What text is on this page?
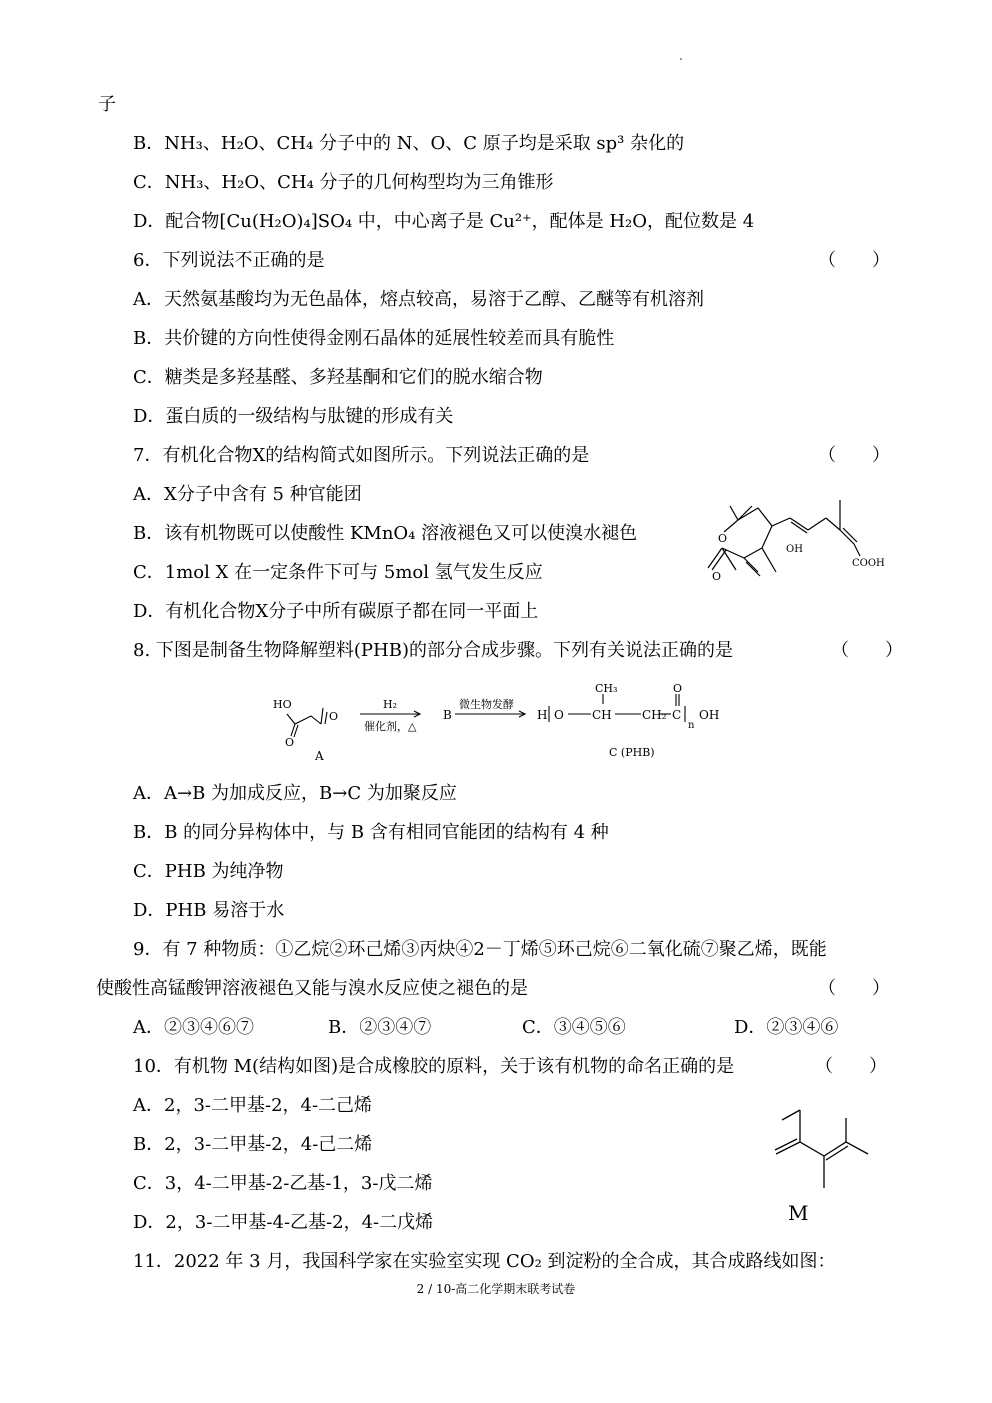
子
B．NH₃、H₂O、CH₄ 分子中的 N、O、C 原子均是采取 sp³ 杂化的
C．NH₃、H₂O、CH₄ 分子的几何构型均为三角锥形
D．配合物[Cu(H₂O)₄]SO₄ 中，中心离子是 Cu²⁺，配体是 H₂O，配位数是 4
6．下列说法不正确的是	（　　）
A．天然氨基酸均为无色晶体，熔点较高，易溶于乙醇、乙醚等有机溶剂
B．共价键的方向性使得金刚石晶体的延展性较差而具有脆性
C．糖类是多羟基醛、多羟基酮和它们的脱水缩合物
D．蛋白质的一级结构与肽键的形成有关
7．有机化合物X的结构简式如图所示。下列说法正确的是	（　　）
A．X分子中含有 5 种官能团
B．该有机物既可以使酸性 KMnO₄ 溶液褪色又可以使溴水褪色
C．1mol X 在一定条件下可与 5mol 氢气发生反应
D．有机化合物X分子中所有碳原子都在同一平面上
O
O
OH
COOH
8. 下图是制备生物降解塑料(PHB)的部分合成步骤。下列有关说法正确的是	（　　）
HO
O
O
A
H₂
催化剂，△
B
微生物发酵
H O CH
CH₃
CH₂ C
O
n
OH
C (PHB)
A．A→B 为加成反应，B→C 为加聚反应
B．B 的同分异构体中，与 B 含有相同官能团的结构有 4 种
C．PHB 为纯净物
D．PHB 易溶于水
9．有 7 种物质：①乙烷②环己烯③丙炔④2－丁烯⑤环己烷⑥二氧化硫⑦聚乙烯，既能
使酸性高锰酸钾溶液褪色又能与溴水反应使之褪色的是	（　　）
A．②③④⑥⑦	B．②③④⑦	C．③④⑤⑥	D．②③④⑥
10．有机物 M(结构如图)是合成橡胶的原料，关于该有机物的命名正确的是	（　　）
A．2，3-二甲基-2，4-二己烯
B．2，3-二甲基-2，4-己二烯
C．3，4-二甲基-2-乙基-1，3-戊二烯
D．2，3-二甲基-4-乙基-2，4-二戊烯	M
11．2022 年 3 月，我国科学家在实验室实现 CO₂ 到淀粉的全合成，其合成路线如图：
2 / 10-高二化学期末联考试卷
